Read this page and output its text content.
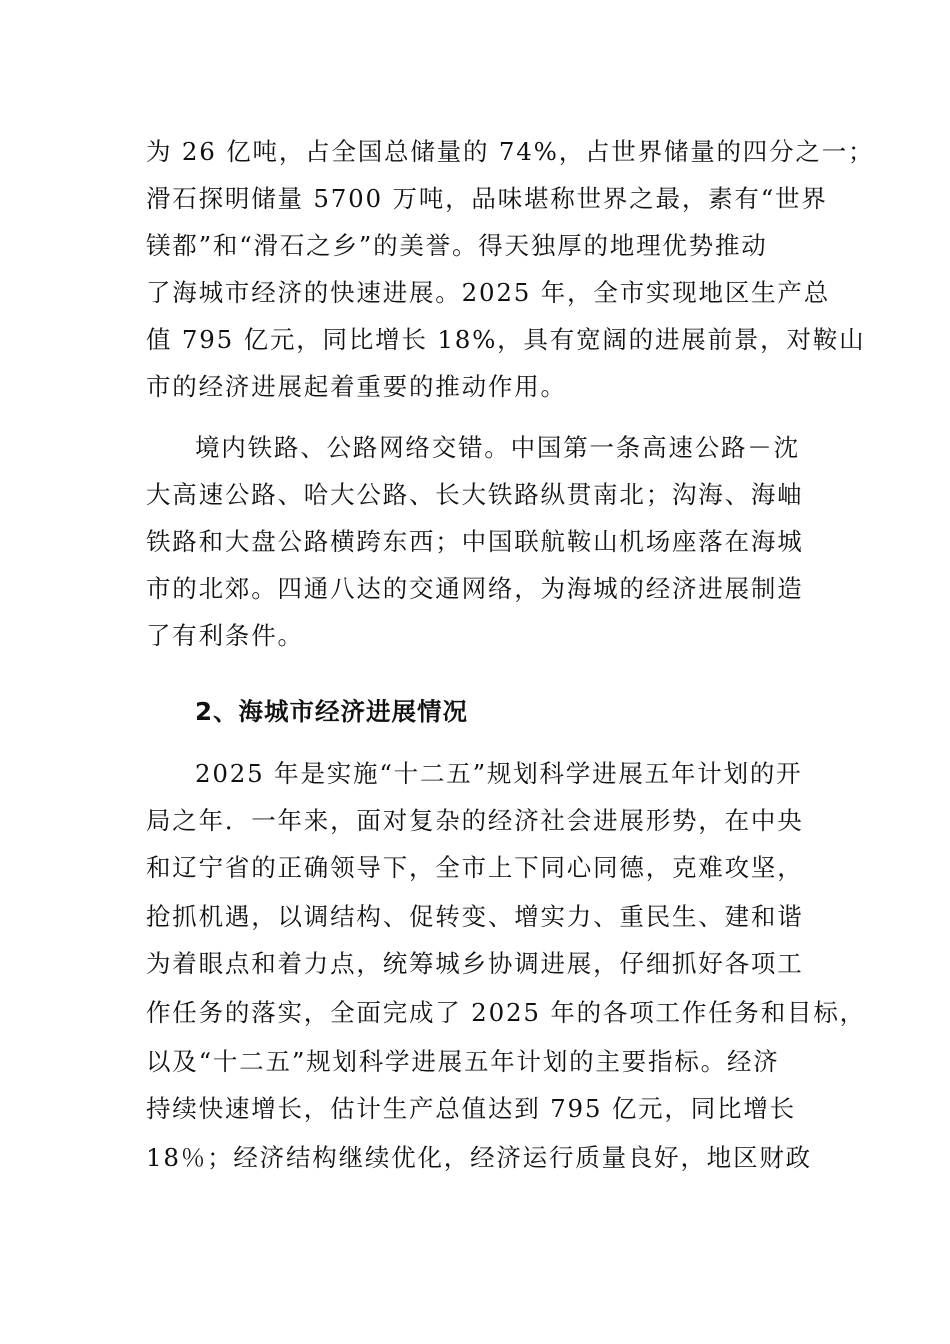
为 26 亿吨，占全国总储量的 74%，占世界储量的四分之一；
滑石探明储量 5700 万吨，品味堪称世界之最，素有“世界
镁都”和“滑石之乡”的美誉。得天独厚的地理优势推动
了海城市经济的快速进展。2025 年，全市实现地区生产总
值 795 亿元，同比增长 18%，具有宽阔的进展前景，对鞍山
市的经济进展起着重要的推动作用。
境内铁路、公路网络交错。中国第一条高速公路－沈
大高速公路、哈大公路、长大铁路纵贯南北；沟海、海岫
铁路和大盘公路横跨东西；中国联航鞍山机场座落在海城
市的北郊。四通八达的交通网络，为海城的经济进展制造
了有利条件。
2、海城市经济进展情况
2025 年是实施“十二五”规划科学进展五年计划的开
局之年．一年来，面对复杂的经济社会进展形势，在中央
和辽宁省的正确领导下，全市上下同心同德，克难攻坚，
抢抓机遇，以调结构、促转变、增实力、重民生、建和谐
为着眼点和着力点，统筹城乡协调进展，仔细抓好各项工
作任务的落实，全面完成了 2025 年的各项工作任务和目标，
以及“十二五”规划科学进展五年计划的主要指标。经济
持续快速增长，估计生产总值达到 795 亿元，同比增长
18％；经济结构继续优化，经济运行质量良好，地区财政
